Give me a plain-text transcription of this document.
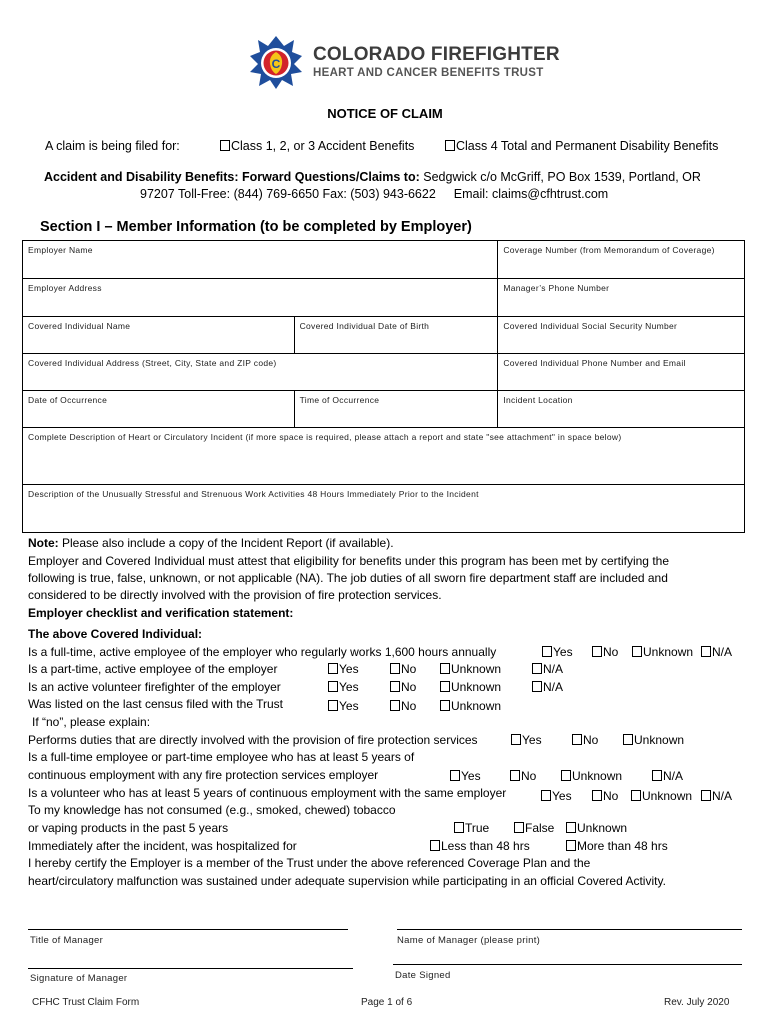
C COLORADO FIREFIGHTER
HEART AND CANCER BENEFITS TRUST
NOTICE OF CLAIM
A claim is being filed for:	Class 1, 2, or 3 Accident Benefits	Class 4 Total and Permanent Disability Benefits
Accident and Disability Benefits: Forward Questions/Claims to: Sedgwick c/o McGriff, PO Box 1539, Portland, OR
97207 Toll-Free: (844) 769-6650 Fax: (503) 943-6622 Email: claims@cfhtrust.com
Section I – Member Information (to be completed by Employer)
Employer Name		Coverage Number (from Memorandum of Coverage)
Employer Address		Manager’s Phone Number
Covered Individual Name	Covered Individual Date of Birth	Covered Individual Social Security Number
Covered Individual Address (Street, City, State and ZIP code)		Covered Individual Phone Number and Email
Date of Occurrence	Time of Occurrence	Incident Location
Complete Description of Heart or Circulatory Incident (if more space is required, please attach a report and state "see attachment" in space below)		
Description of the Unusually Stressful and Strenuous Work Activities 48 Hours Immediately Prior to the Incident		
Note: Please also include a copy of the Incident Report (if available).
Employer and Covered Individual must attest that eligibility for benefits under this program has been met by certifying the
following is true, false, unknown, or not applicable (NA). The job duties of all sworn fire department staff are included and
considered to be directly involved with the provision of fire protection services.
Employer checklist and verification statement:
The above Covered Individual:
Is a full-time, active employee of the employer who regularly works 1,600 hours annually	Yes	No	Unknown	N/A
Is a part-time, active employee of the employer	Yes	No	Unknown	N/A
Is an active volunteer firefighter of the employer	Yes	No	Unknown	N/A
Was listed on the last census filed with the Trust	Yes	No	Unknown
If “no”, please explain:
Performs duties that are directly involved with the provision of fire protection services	Yes	No	Unknown
Is a full-time employee or part-time employee who has at least 5 years of
continuous employment with any fire protection services employer	Yes	No	Unknown	N/A
Is a volunteer who has at least 5 years of continuous employment with the same employer	Yes	No	Unknown	N/A
To my knowledge has not consumed (e.g., smoked, chewed) tobacco
or vaping products in the past 5 years	True	False	Unknown
Immediately after the incident, was hospitalized for	Less than 48 hrs	More than 48 hrs
I hereby certify the Employer is a member of the Trust under the above referenced Coverage Plan and the
heart/circulatory malfunction was sustained under adequate supervision while participating in an official Covered Activity.
Title of Manager	Name of Manager (please print)
Signature of Manager	Date Signed
CFHC Trust Claim Form	Page 1 of 6	Rev. July 2020
